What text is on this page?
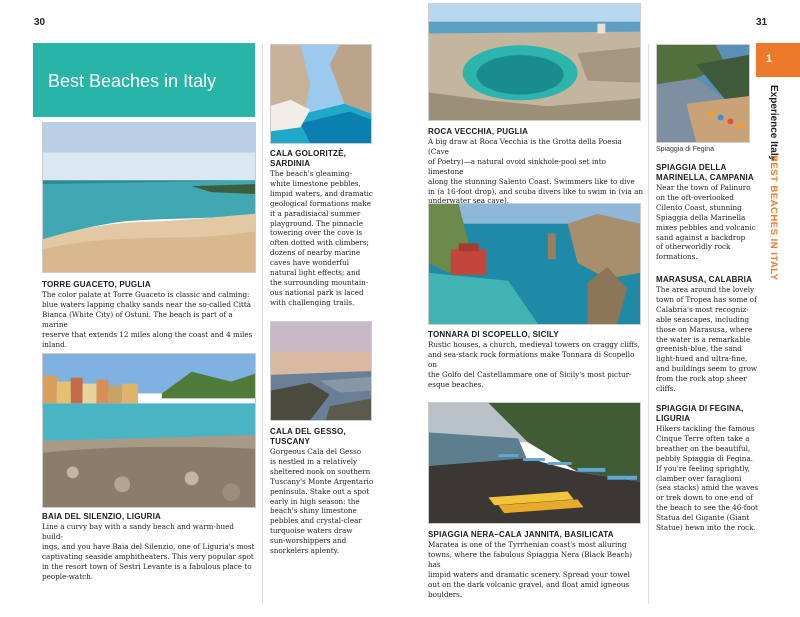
30	31
Best Beaches in Italy
1
Experience Italy
BEST BEACHES IN ITALY
Spiaggia di Fegina
TORRE GUACETO, PUGLIA

The color palate at Torre Guaceto is classic and calming:
blue waters lapping chalky sands near the so-called Città
Bianca (White City) of Ostuni. The beach is part of a marine
reserve that extends 12 miles along the coast and 4 miles
inland.

BAIA DEL SILENZIO, LIGURIA

Line a curvy bay with a sandy beach and warm-hued build-
ings, and you have Baia del Silenzio, one of Liguria's most
captivating seaside amphitheaters. This very popular spot
in the resort town of Sestri Levante is a fabulous place to
people-watch.

CALA GOLORITZÈ,
SARDINIA

The beach's gleaming-
white limestone pebbles,
limpid waters, and dramatic
geological formations make
it a paradisiacal summer
playground. The pinnacle
towering over the cove is
often dotted with climbers;
dozens of nearby marine
caves have wonderful
natural light effects; and
the surrounding mountain-
ous national park is laced
with challenging trails.

CALA DEL GESSO,
TUSCANY

Gorgeous Cala del Gesso
is nestled in a relatively
sheltered nook on southern
Tuscany's Monte Argentario
peninsula. Stake out a spot
early in high season: the
beach's shiny limestone
pebbles and crystal-clear
turquoise waters draw
sun-worshippers and
snorkelers aplenty.

ROCA VECCHIA, PUGLIA

A big draw at Roca Vecchia is the Grotta della Poesia (Cave
of Poetry)—a natural ovoid sinkhole-pool set into limestone
along the stunning Salento Coast. Swimmers like to dive
in (a 16-foot drop), and scuba divers like to swim in (via an
underwater sea cave).

TONNARA DI SCOPELLO, SICILY

Rustic houses, a church, medieval towers on craggy cliffs,
and sea-stack rock formations make Tonnara di Scopello on
the Golfo del Castellammare one of Sicily's most pictur-
esque beaches.

SPIAGGIA NERA–CALA JANNITA, BASILICATA

Maratea is one of the Tyrrhenian coast's most alluring
towns, where the fabulous Spiaggia Nera (Black Beach) has
limpid waters and dramatic scenery. Spread your towel
out on the dark volcanic gravel, and float amid igneous
boulders.

SPIAGGIA DELLA
MARINELLA, CAMPANIA

Near the town of Palinuro
on the oft-overlooked
Cilento Coast, stunning
Spiaggia della Marinella
mixes pebbles and volcanic
sand against a backdrop
of otherworldly rock
formations.

MARASUSA, CALABRIA

The area around the lovely
town of Tropea has some of
Calabria's most recogniz-
able seascapes, including
those on Marasusa, where
the water is a remarkable
greenish-blue, the sand
light-hued and ultra-fine,
and buildings seem to grow
from the rock atop sheer
cliffs.

SPIAGGIA DI FEGINA,
LIGURIA

Hikers tackling the famous
Cinque Terre often take a
breather on the beautiful,
pebbly Spiaggia di Fegina.
If you're feeling sprightly,
clamber over faraglioni
(sea stacks) amid the waves
or trek down to one end of
the beach to see the 46-foot
Statua del Gigante (Giant
Statue) hewn into the rock.
